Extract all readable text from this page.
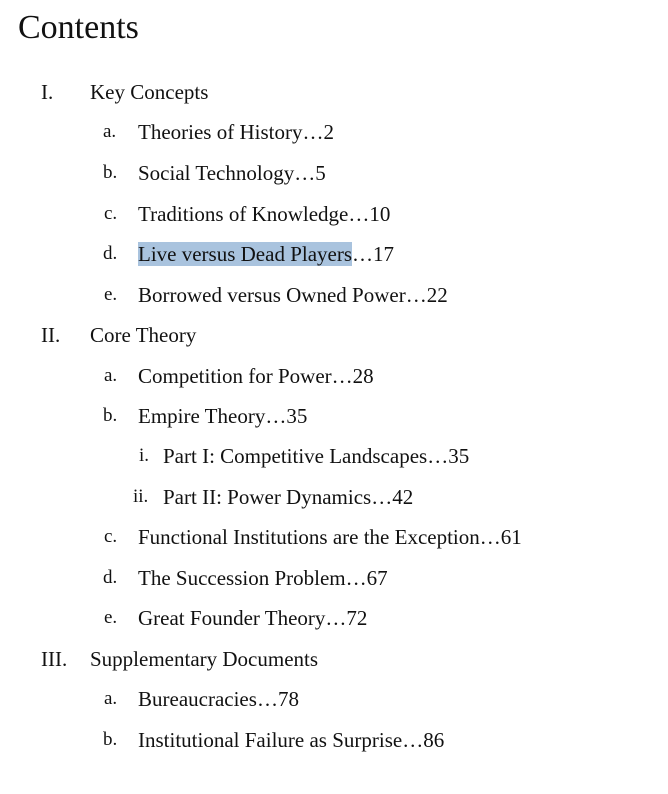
Contents
I. Key Concepts
a. Theories of History…2
b. Social Technology…5
c. Traditions of Knowledge…10
d. Live versus Dead Players…17
e. Borrowed versus Owned Power…22
II. Core Theory
a. Competition for Power…28
b. Empire Theory…35
i. Part I: Competitive Landscapes…35
ii. Part II: Power Dynamics…42
c. Functional Institutions are the Exception…61
d. The Succession Problem…67
e. Great Founder Theory…72
III. Supplementary Documents
a. Bureaucracies…78
b. Institutional Failure as Surprise…86
